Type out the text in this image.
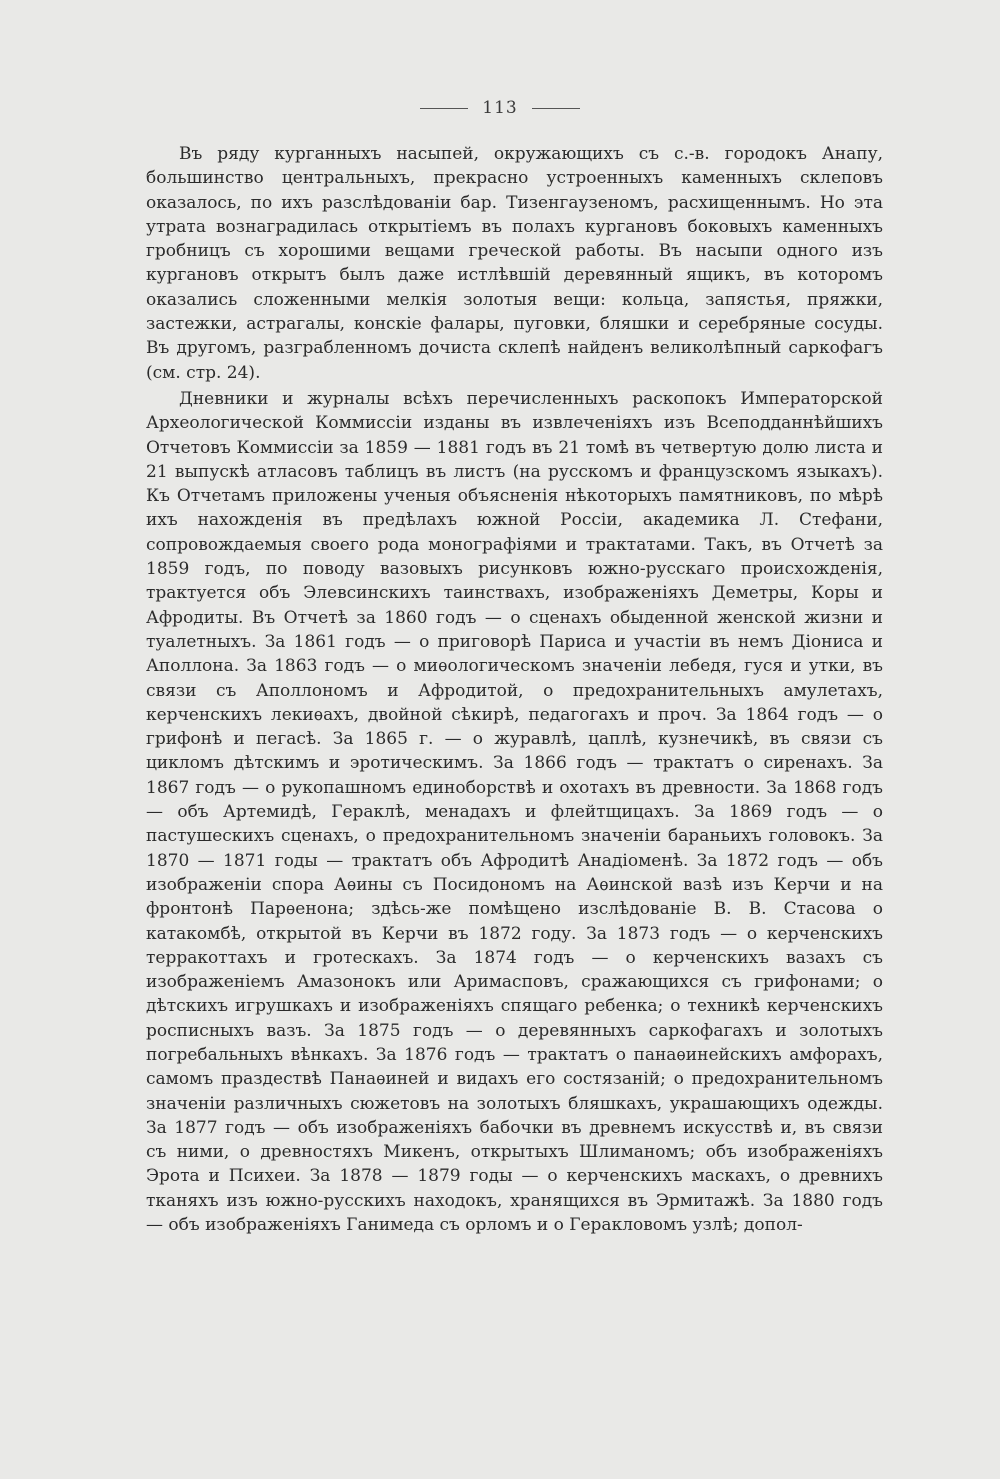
113

Въ ряду курганныхъ насыпей, окружающихъ съ с.-в. городокъ Анапу, большинство центральныхъ, прекрасно устроенныхъ каменныхъ склеповъ оказалось, по ихъ разслѣдованіи бар. Тизенгаузеномъ, расхищеннымъ. Но эта утрата вознаградилась открытіемъ въ полахъ кургановъ боковыхъ каменныхъ гробницъ съ хорошими вещами греческой работы. Въ насыпи одного изъ кургановъ открытъ былъ даже истлѣвшій деревянный ящикъ, въ которомъ оказались сложенными мелкія золотыя вещи: кольца, запястья, пряжки, застежки, астрагалы, конскіе фалары, пуговки, бляшки и серебряные сосуды. Въ другомъ, разграбленномъ дочиста склепѣ найденъ великолѣпный саркофагъ (см. стр. 24).

Дневники и журналы всѣхъ перечисленныхъ раскопокъ Императорской Археологической Коммиссіи изданы въ извлеченіяхъ изъ Всеподданнѣйшихъ Отчетовъ Коммиссіи за 1859 — 1881 годъ въ 21 томѣ въ четвертую долю листа и 21 выпускѣ атласовъ таблицъ въ листъ (на русскомъ и французскомъ языкахъ). Къ Отчетамъ приложены ученыя объясненія нѣкоторыхъ памятниковъ, по мѣрѣ ихъ нахожденія въ предѣлахъ южной Россіи, академика Л. Стефани, сопровождаемыя своего рода монографіями и трактатами. Такъ, въ Отчетѣ за 1859 годъ, по поводу вазовыхъ рисунковъ южно-русскаго происхожденія, трактуется объ Элевсинскихъ таинствахъ, изображеніяхъ Деметры, Коры и Афродиты. Въ Отчетѣ за 1860 годъ — о сценахъ обыденной женской жизни и туалетныхъ. За 1861 годъ — о приговорѣ Париса и участіи въ немъ Діониса и Аполлона. За 1863 годъ — о миѳологическомъ значеніи лебедя, гуся и утки, въ связи съ Аполлономъ и Афродитой, о предохранительныхъ амулетахъ, керченскихъ лекиѳахъ, двойной сѣкирѣ, педагогахъ и проч. За 1864 годъ — о грифонѣ и пегасѣ. За 1865 г. — о журавлѣ, цаплѣ, кузнечикѣ, въ связи съ цикломъ дѣтскимъ и эротическимъ. За 1866 годъ — трактатъ о сиренахъ. За 1867 годъ — о рукопашномъ единоборствѣ и охотахъ въ древности. За 1868 годъ — объ Артемидѣ, Гераклѣ, менадахъ и флейтщицахъ. За 1869 годъ — о пастушескихъ сценахъ, о предохранительномъ значеніи бараньихъ головокъ. За 1870 — 1871 годы — трактатъ объ Афродитѣ Анадіоменѣ. За 1872 годъ — объ изображеніи спора Аѳины съ Посидономъ на Аѳинской вазѣ изъ Керчи и на фронтонѣ Парѳенона; здѣсь-же помѣщено изслѣдованіе В. В. Стасова о катакомбѣ, открытой въ Керчи въ 1872 году. За 1873 годъ — о керченскихъ терракоттахъ и гротескахъ. За 1874 годъ — о керченскихъ вазахъ съ изображеніемъ Амазонокъ или Аримасповъ, сражающихся съ грифонами; о дѣтскихъ игрушкахъ и изображеніяхъ спящаго ребенка; о техникѣ керченскихъ росписныхъ вазъ. За 1875 годъ — о деревянныхъ саркофагахъ и золотыхъ погребальныхъ вѣнкахъ. За 1876 годъ — трактатъ о панаѳинейскихъ амфорахъ, самомъ праздествѣ Панаѳиней и видахъ его состязаній; о предохранительномъ значеніи различныхъ сюжетовъ на золотыхъ бляшкахъ, украшающихъ одежды. За 1877 годъ — объ изображеніяхъ бабочки въ древнемъ искусствѣ и, въ связи съ ними, о древностяхъ Микенъ, открытыхъ Шлиманомъ; объ изображеніяхъ Эрота и Психеи. За 1878 — 1879 годы — о керченскихъ маскахъ, о древнихъ тканяхъ изъ южно-русскихъ находокъ, хранящихся въ Эрмитажѣ. За 1880 годъ — объ изображеніяхъ Ганимеда съ орломъ и о Геракловомъ узлѣ; допол-
